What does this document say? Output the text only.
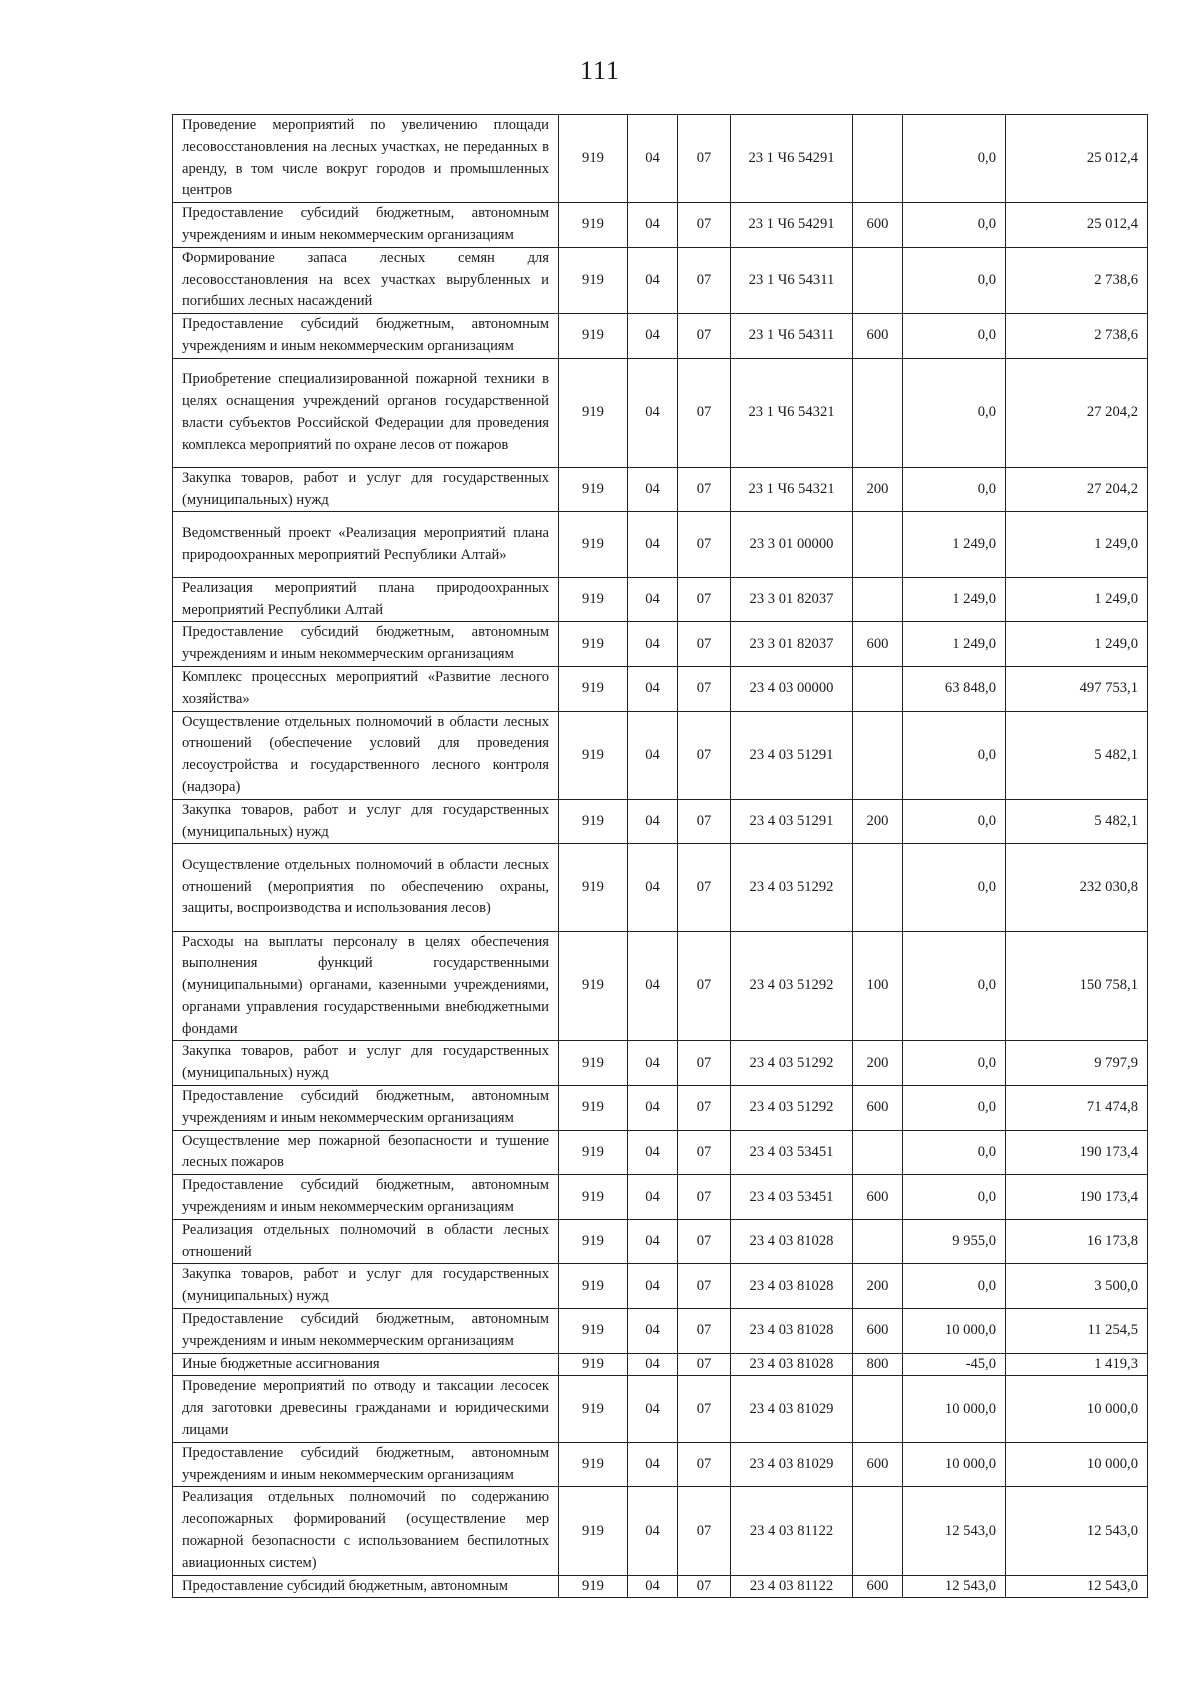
111
Проведение мероприятий по увеличению площади лесовосстановления на лесных участках, не переданных в аренду, в том числе вокруг городов и промышленных центров	919	04	07	23 1 Ч6 54291		0,0	25 012,4
Предоставление субсидий бюджетным, автономным учреждениям и иным некоммерческим организациям	919	04	07	23 1 Ч6 54291	600	0,0	25 012,4
Формирование запаса лесных семян для лесовосстановления на всех участках вырубленных и погибших лесных насаждений	919	04	07	23 1 Ч6 54311		0,0	2 738,6
Предоставление субсидий бюджетным, автономным учреждениям и иным некоммерческим организациям	919	04	07	23 1 Ч6 54311	600	0,0	2 738,6
Приобретение специализированной пожарной техники в целях оснащения учреждений органов государственной власти субъектов Российской Федерации для проведения комплекса мероприятий по охране лесов от пожаров	919	04	07	23 1 Ч6 54321		0,0	27 204,2
Закупка товаров, работ и услуг для государственных (муниципальных) нужд	919	04	07	23 1 Ч6 54321	200	0,0	27 204,2
Ведомственный проект «Реализация мероприятий плана природоохранных мероприятий Республики Алтай»	919	04	07	23 3 01 00000		1 249,0	1 249,0
Реализация мероприятий плана природоохранных мероприятий Республики Алтай	919	04	07	23 3 01 82037		1 249,0	1 249,0
Предоставление субсидий бюджетным, автономным учреждениям и иным некоммерческим организациям	919	04	07	23 3 01 82037	600	1 249,0	1 249,0
Комплекс процессных мероприятий «Развитие лесного хозяйства»	919	04	07	23 4 03 00000		63 848,0	497 753,1
Осуществление отдельных полномочий в области лесных отношений (обеспечение условий для проведения лесоустройства и государственного лесного контроля (надзора)	919	04	07	23 4 03 51291		0,0	5 482,1
Закупка товаров, работ и услуг для государственных (муниципальных) нужд	919	04	07	23 4 03 51291	200	0,0	5 482,1
Осуществление отдельных полномочий в области лесных отношений (мероприятия по обеспечению охраны, защиты, воспроизводства и использования лесов)	919	04	07	23 4 03 51292		0,0	232 030,8
Расходы на выплаты персоналу в целях обеспечения выполнения функций государственными (муниципальными) органами, казенными учреждениями, органами управления государственными внебюджетными фондами	919	04	07	23 4 03 51292	100	0,0	150 758,1
Закупка товаров, работ и услуг для государственных (муниципальных) нужд	919	04	07	23 4 03 51292	200	0,0	9 797,9
Предоставление субсидий бюджетным, автономным учреждениям и иным некоммерческим организациям	919	04	07	23 4 03 51292	600	0,0	71 474,8
Осуществление мер пожарной безопасности и тушение лесных пожаров	919	04	07	23 4 03 53451		0,0	190 173,4
Предоставление субсидий бюджетным, автономным учреждениям и иным некоммерческим организациям	919	04	07	23 4 03 53451	600	0,0	190 173,4
Реализация отдельных полномочий в области лесных отношений	919	04	07	23 4 03 81028		9 955,0	16 173,8
Закупка товаров, работ и услуг для государственных (муниципальных) нужд	919	04	07	23 4 03 81028	200	0,0	3 500,0
Предоставление субсидий бюджетным, автономным учреждениям и иным некоммерческим организациям	919	04	07	23 4 03 81028	600	10 000,0	11 254,5
Иные бюджетные ассигнования	919	04	07	23 4 03 81028	800	-45,0	1 419,3
Проведение мероприятий по отводу и таксации лесосек для заготовки древесины гражданами и юридическими лицами	919	04	07	23 4 03 81029		10 000,0	10 000,0
Предоставление субсидий бюджетным, автономным учреждениям и иным некоммерческим организациям	919	04	07	23 4 03 81029	600	10 000,0	10 000,0
Реализация отдельных полномочий по содержанию лесопожарных формирований (осуществление мер пожарной безопасности с использованием беспилотных авиационных систем)	919	04	07	23 4 03 81122		12 543,0	12 543,0
Предоставление субсидий бюджетным, автономным	919	04	07	23 4 03 81122	600	12 543,0	12 543,0
